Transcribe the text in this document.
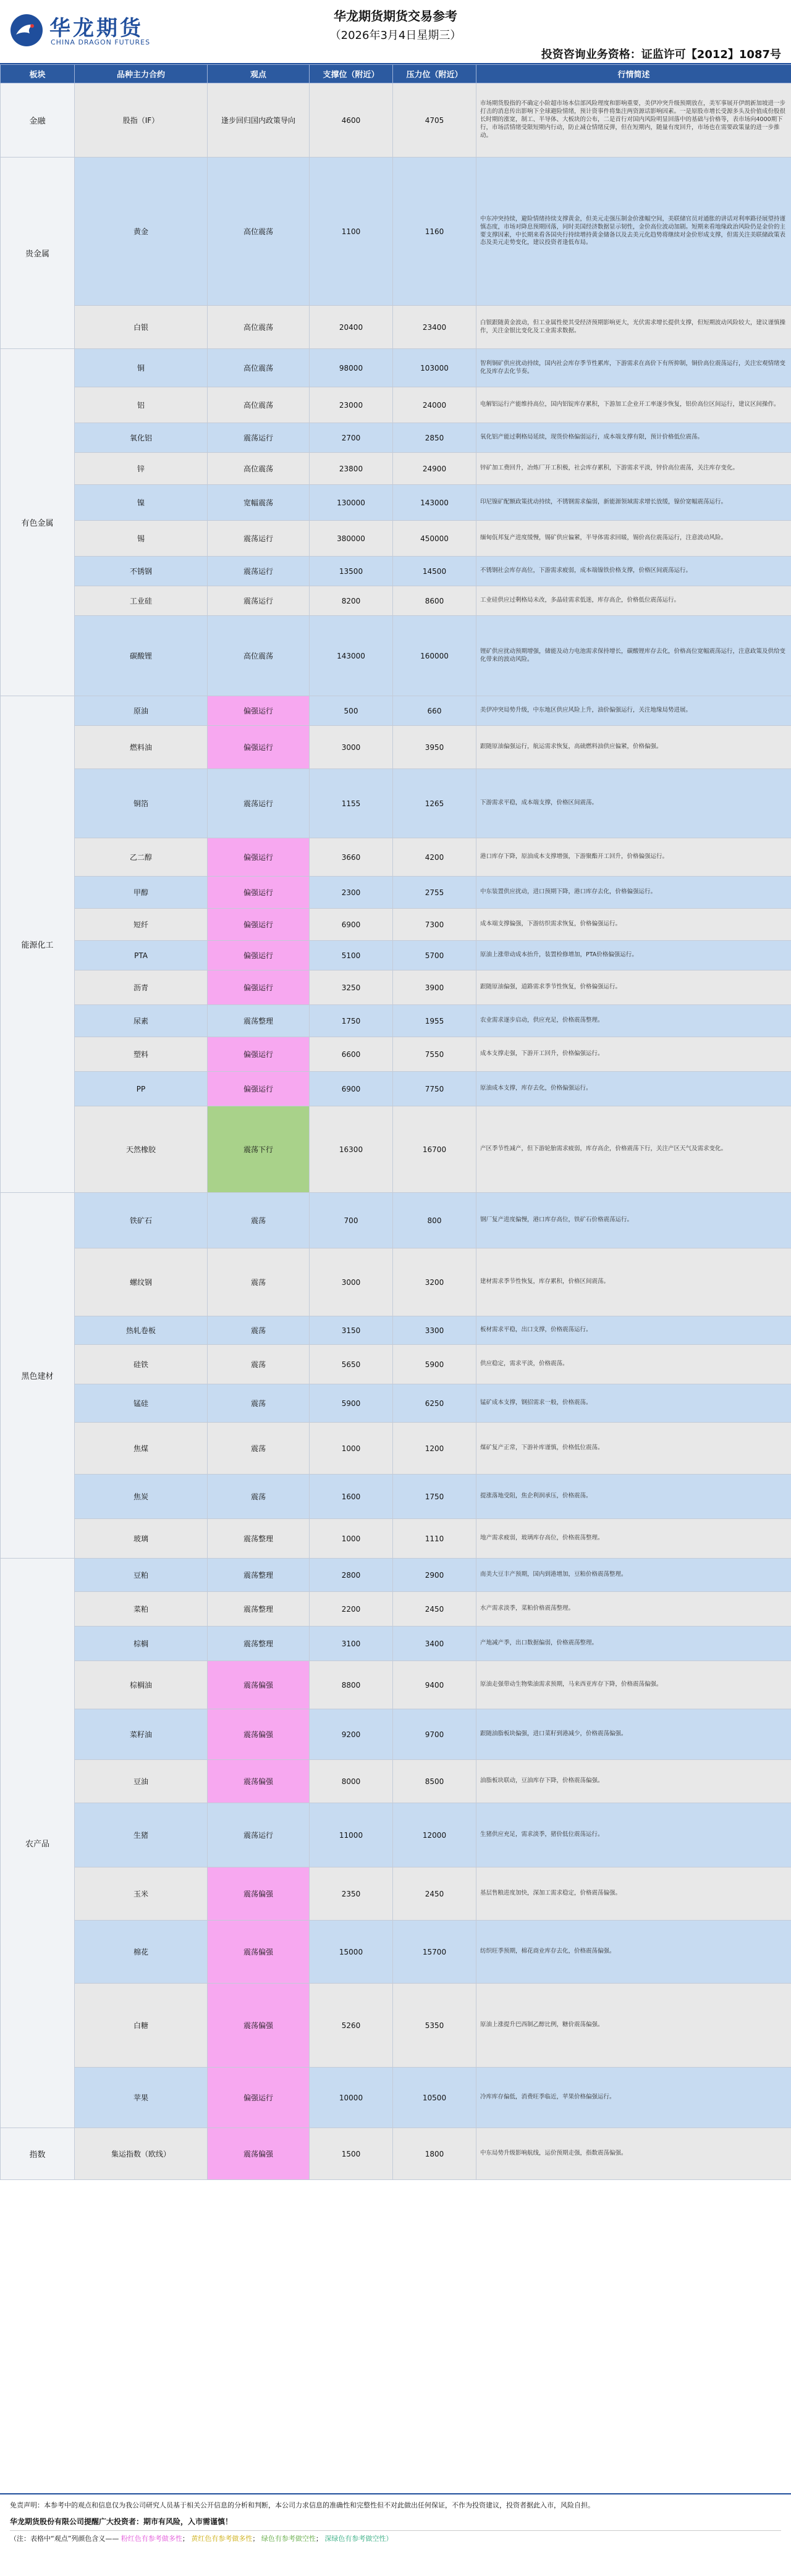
华龙期货
CHINA DRAGON FUTURES
华龙期货期货交易参考
（2026年3月4日星期三）
投资咨询业务资格：证监许可【2012】1087号
板块	品种主力合约	观点	支撑位（附近）	压力位（附近）	行情简述
金融	股指（IF）	逢步回归国内政策导向	4600	4705	市场期货股指的不确定小阶超市场本信部风险理度和影响重要，美伊冲突升级预期放在，美军事展开伊朗新加坡进一步打击的消息传出影响下全球避险情绪，预计资事件将集注两资源话影响因素。一是原股市增长受源多头及价值成份股很长时期的涨宽，制工、半导体、大板块的公布，二是首行对国内风险明显回落中的基础与价格等，表市场向4000期下行，市场活情绪受限短期内行动，防止减仓情绪反弹，但在短期内，随量有度回升，市场也在需要政策量的进一步推动。
贵金属	黄金	高位震荡	1100	1160	中东冲突持续，避险情绪持续支撑黄金，但美元走强压制金价涨幅空间，美联储官员对通胀的讲话对利率路径展望持谨慎态度，市场对降息预期回落，同时美国经济数据显示韧性，金价高位波动加剧。短期来看地缘政治风险仍是金价的主要支撑因素，中长期来看各国央行持续增持黄金储备以及去美元化趋势将继续对金价形成支撑，但需关注美联储政策表态及美元走势变化，建议投资者逢低布局。
	白银	高位震荡	20400	23400	白银跟随黄金波动，但工业属性使其受经济预期影响更大，光伏需求增长提供支撑，但短期波动风险较大，建议谨慎操作，关注金银比变化及工业需求数据。
有色金属	铜	高位震荡	98000	103000	智利铜矿供应扰动持续，国内社会库存季节性累库，下游需求在高价下有所抑制，铜价高位震荡运行，关注宏观情绪变化及库存去化节奏。
	铝	高位震荡	23000	24000	电解铝运行产能维持高位，国内铝锭库存累积，下游加工企业开工率逐步恢复，铝价高位区间运行，建议区间操作。
	氧化铝	震荡运行	2700	2850	氧化铝产能过剩格局延续，现货价格偏弱运行，成本端支撑有限，预计价格低位震荡。
	锌	高位震荡	23800	24900	锌矿加工费回升，冶炼厂开工积极，社会库存累积，下游需求平淡，锌价高位震荡，关注库存变化。
	镍	宽幅震荡	130000	143000	印尼镍矿配额政策扰动持续，不锈钢需求偏弱，新能源领域需求增长放缓，镍价宽幅震荡运行。
	锡	震荡运行	380000	450000	缅甸佤邦复产进度缓慢，锡矿供应偏紧，半导体需求回暖，锡价高位震荡运行，注意波动风险。
	不锈钢	震荡运行	13500	14500	不锈钢社会库存高位，下游需求疲弱，成本端镍铁价格支撑，价格区间震荡运行。
	工业硅	震荡运行	8200	8600	工业硅供应过剩格局未改，多晶硅需求低迷，库存高企，价格低位震荡运行。
	碳酸锂	高位震荡	143000	160000	锂矿供应扰动预期增强，储能及动力电池需求保持增长，碳酸锂库存去化，价格高位宽幅震荡运行，注意政策及供给变化带来的波动风险。
能源化工	原油	偏强运行	500	660	美伊冲突局势升级，中东地区供应风险上升，油价偏强运行，关注地缘局势进展。
	燃料油	偏强运行	3000	3950	跟随原油偏强运行，航运需求恢复，高硫燃料油供应偏紧，价格偏强。
	铜箔	震荡运行	1155	1265	下游需求平稳，成本端支撑，价格区间震荡。
	乙二醇	偏强运行	3660	4200	港口库存下降，原油成本支撑增强，下游聚酯开工回升，价格偏强运行。
	甲醇	偏强运行	2300	2755	中东装置供应扰动，进口预期下降，港口库存去化，价格偏强运行。
	短纤	偏强运行	6900	7300	成本端支撑偏强，下游纺织需求恢复，价格偏强运行。
	PTA	偏强运行	5100	5700	原油上涨带动成本抬升，装置检修增加，PTA价格偏强运行。
	沥青	偏强运行	3250	3900	跟随原油偏强，道路需求季节性恢复，价格偏强运行。
	尿素	震荡整理	1750	1955	农业需求逐步启动，供应充足，价格震荡整理。
	塑料	偏强运行	6600	7550	成本支撑走强，下游开工回升，价格偏强运行。
	PP	偏强运行	6900	7750	原油成本支撑，库存去化，价格偏强运行。
	天然橡胶	震荡下行	16300	16700	产区季节性减产，但下游轮胎需求疲弱，库存高企，价格震荡下行，关注产区天气及需求变化。
黑色建材	铁矿石	震荡	700	800	钢厂复产进度偏慢，港口库存高位，铁矿石价格震荡运行。
	螺纹钢	震荡	3000	3200	建材需求季节性恢复，库存累积，价格区间震荡。
	热轧卷板	震荡	3150	3300	板材需求平稳，出口支撑，价格震荡运行。
	硅铁	震荡	5650	5900	供应稳定，需求平淡，价格震荡。
	锰硅	震荡	5900	6250	锰矿成本支撑，钢招需求一般，价格震荡。
	焦煤	震荡	1000	1200	煤矿复产正常，下游补库谨慎，价格低位震荡。
	焦炭	震荡	1600	1750	提涨落地受阻，焦企利润承压，价格震荡。
	玻璃	震荡整理	1000	1110	地产需求疲弱，玻璃库存高位，价格震荡整理。
农产品	豆粕	震荡整理	2800	2900	南美大豆丰产预期，国内到港增加，豆粕价格震荡整理。
	菜粕	震荡整理	2200	2450	水产需求淡季，菜粕价格震荡整理。
	棕榈	震荡整理	3100	3400	产地减产季，出口数据偏弱，价格震荡整理。
	棕榈油	震荡偏强	8800	9400	原油走强带动生物柴油需求预期，马来西亚库存下降，价格震荡偏强。
	菜籽油	震荡偏强	9200	9700	跟随油脂板块偏强，进口菜籽到港减少，价格震荡偏强。
	豆油	震荡偏强	8000	8500	油脂板块联动，豆油库存下降，价格震荡偏强。
	生猪	震荡运行	11000	12000	生猪供应充足，需求淡季，猪价低位震荡运行。
	玉米	震荡偏强	2350	2450	基层售粮进度加快，深加工需求稳定，价格震荡偏强。
	棉花	震荡偏强	15000	15700	纺织旺季预期，棉花商业库存去化，价格震荡偏强。
	白糖	震荡偏强	5260	5350	原油上涨提升巴西制乙醇比例，糖价震荡偏强。
	苹果	偏强运行	10000	10500	冷库库存偏低，消费旺季临近，苹果价格偏强运行。
指数	集运指数（欧线）	震荡偏强	1500	1800	中东局势升级影响航线，运价预期走强，指数震荡偏强。
免责声明：本参考中的观点和信息仅为我公司研究人员基于相关公开信息的分析和判断，本公司力求信息的准确性和完整性但不对此做出任何保证，不作为投资建议，投资者据此入市，风险自担。
华龙期货股份有限公司提醒广大投资者：期市有风险，入市需谨慎！
（注：表格中“观点”列颜色含义—— 粉红色有参考做多性； 黄红色有参考做多性； 绿色有参考做空性； 深绿色有参考做空性）
